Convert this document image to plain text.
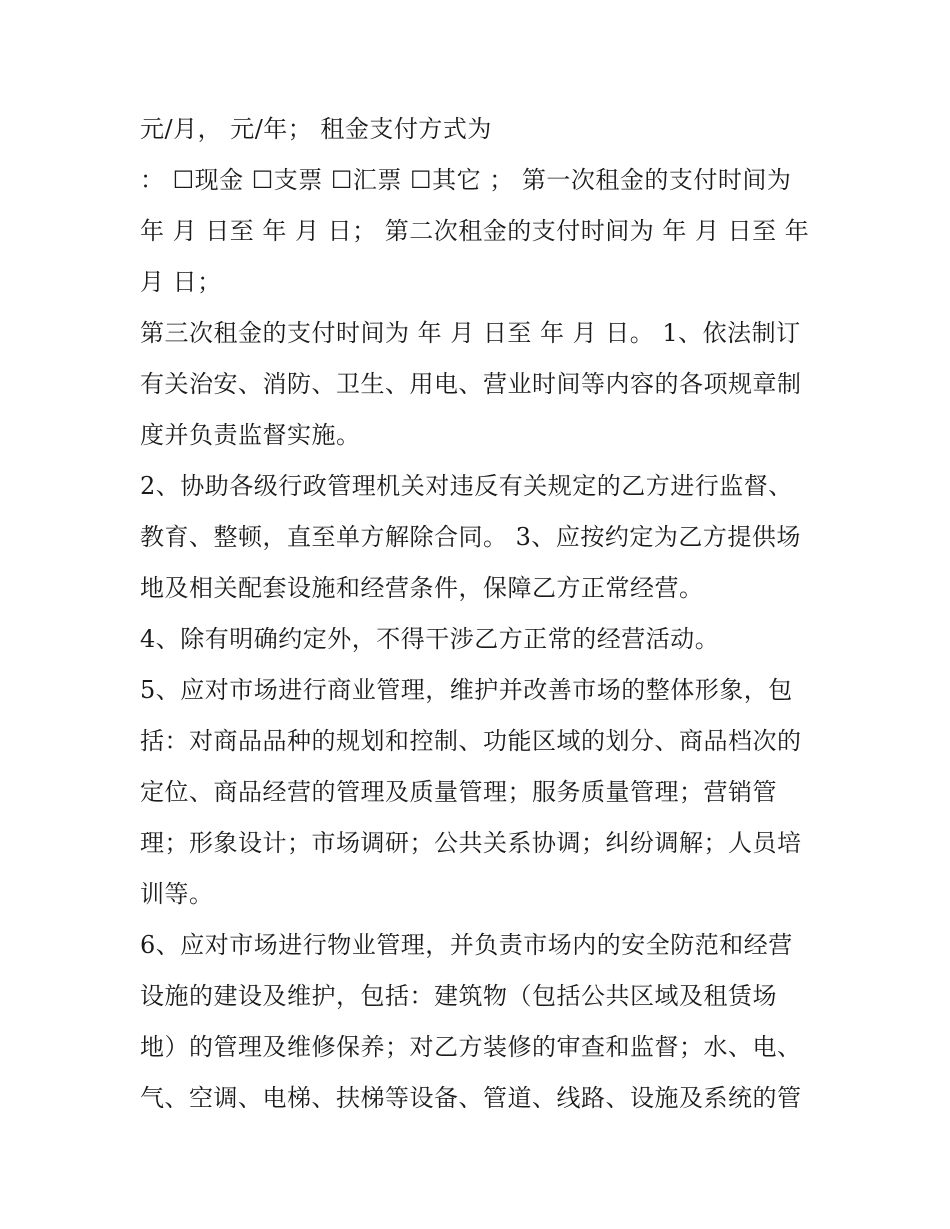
元/月， 元/年； 租金支付方式为
： ☐现金 ☐支票 ☐汇票 ☐其它 ； 第一次租金的支付时间为
年 月 日至 年 月 日； 第二次租金的支付时间为 年 月 日至 年
月 日；
第三次租金的支付时间为 年 月 日至 年 月 日。 1、依法制订
有关治安、消防、卫生、用电、营业时间等内容的各项规章制
度并负责监督实施。
2、协助各级行政管理机关对违反有关规定的乙方进行监督、
教育、整顿，直至单方解除合同。 3、应按约定为乙方提供场
地及相关配套设施和经营条件，保障乙方正常经营。
4、除有明确约定外，不得干涉乙方正常的经营活动。
5、应对市场进行商业管理，维护并改善市场的整体形象，包
括：对商品品种的规划和控制、功能区域的划分、商品档次的
定位、商品经营的管理及质量管理；服务质量管理；营销管
理；形象设计；市场调研；公共关系协调；纠纷调解；人员培
训等。
6、应对市场进行物业管理，并负责市场内的安全防范和经营
设施的建设及维护，包括：建筑物（包括公共区域及租赁场
地）的管理及维修保养；对乙方装修的审查和监督；水、电、
气、空调、电梯、扶梯等设备、管道、线路、设施及系统的管
